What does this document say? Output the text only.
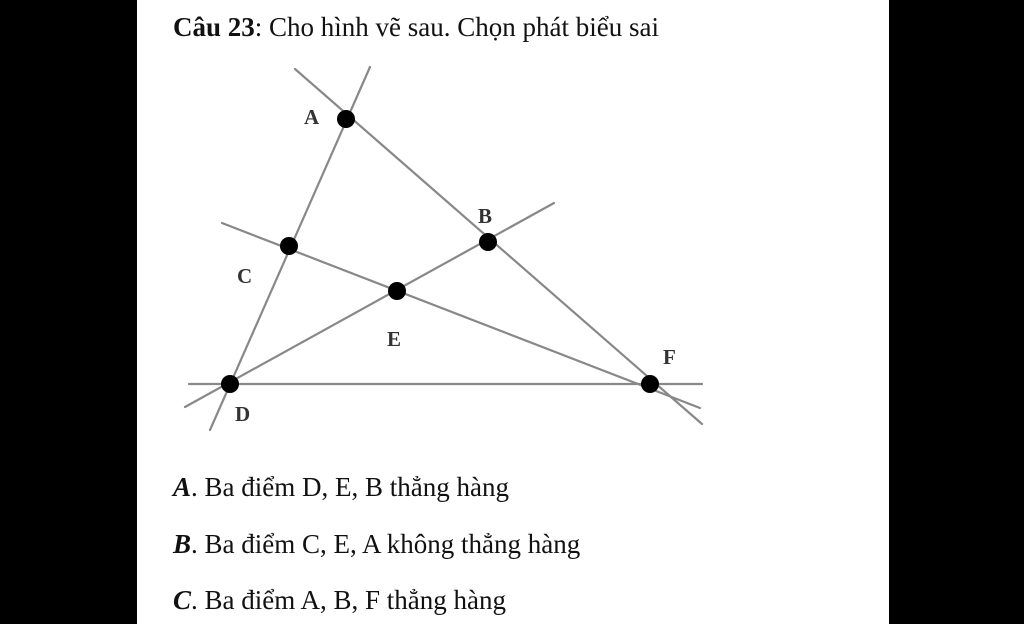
Câu 23: Cho hình vẽ sau. Chọn phát biểu sai
A
B
C
E
F
D
A. Ba điểm D, E, B thẳng hàng
B. Ba điểm C, E, A không thẳng hàng
C. Ba điểm A, B, F thẳng hàng
